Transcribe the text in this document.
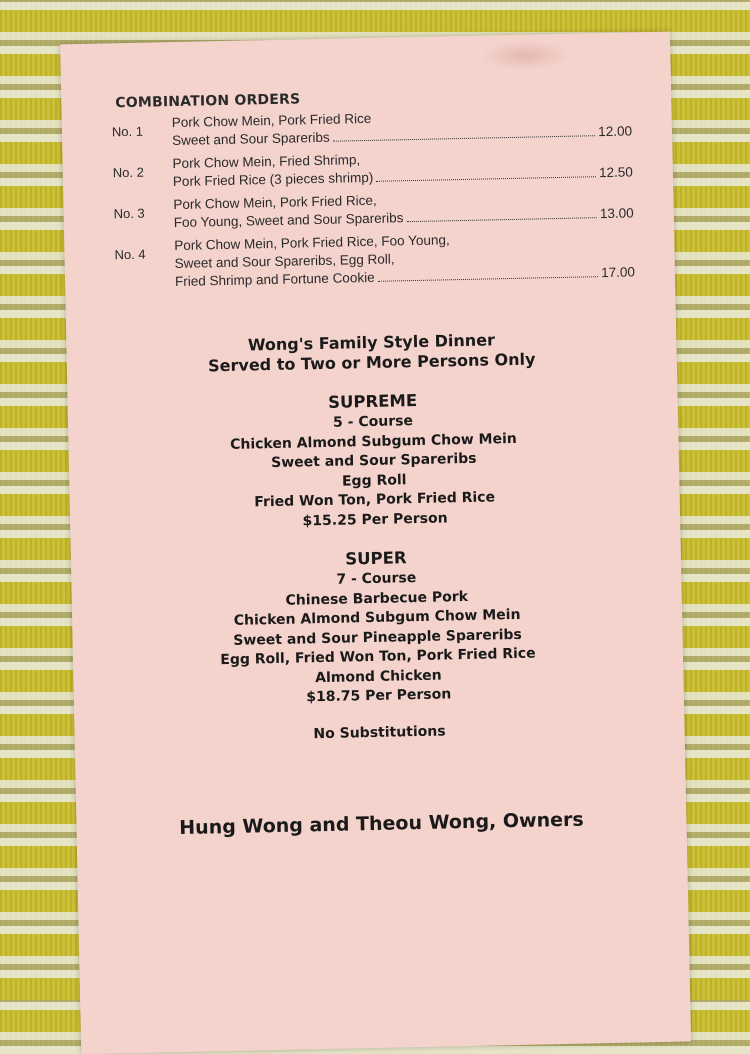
COMBINATION ORDERS
No. 1
Pork Chow Mein, Pork Fried Rice
Sweet and Sour Spareribs	12.00
No. 2
Pork Chow Mein, Fried Shrimp,
Pork Fried Rice (3 pieces shrimp)	12.50
No. 3
Pork Chow Mein, Pork Fried Rice,
Foo Young, Sweet and Sour Spareribs	13.00
No. 4
Pork Chow Mein, Pork Fried Rice, Foo Young,
Sweet and Sour Spareribs, Egg Roll,
Fried Shrimp and Fortune Cookie	17.00
Wong's Family Style Dinner
Served to Two or More Persons Only
SUPREME
5 - Course
Chicken Almond Subgum Chow Mein
Sweet and Sour Spareribs
Egg Roll
Fried Won Ton, Pork Fried Rice
$15.25 Per Person
SUPER
7 - Course
Chinese Barbecue Pork
Chicken Almond Subgum Chow Mein
Sweet and Sour Pineapple Spareribs
Egg Roll, Fried Won Ton, Pork Fried Rice
Almond Chicken
$18.75 Per Person
No Substitutions
Hung Wong and Theou Wong, Owners
